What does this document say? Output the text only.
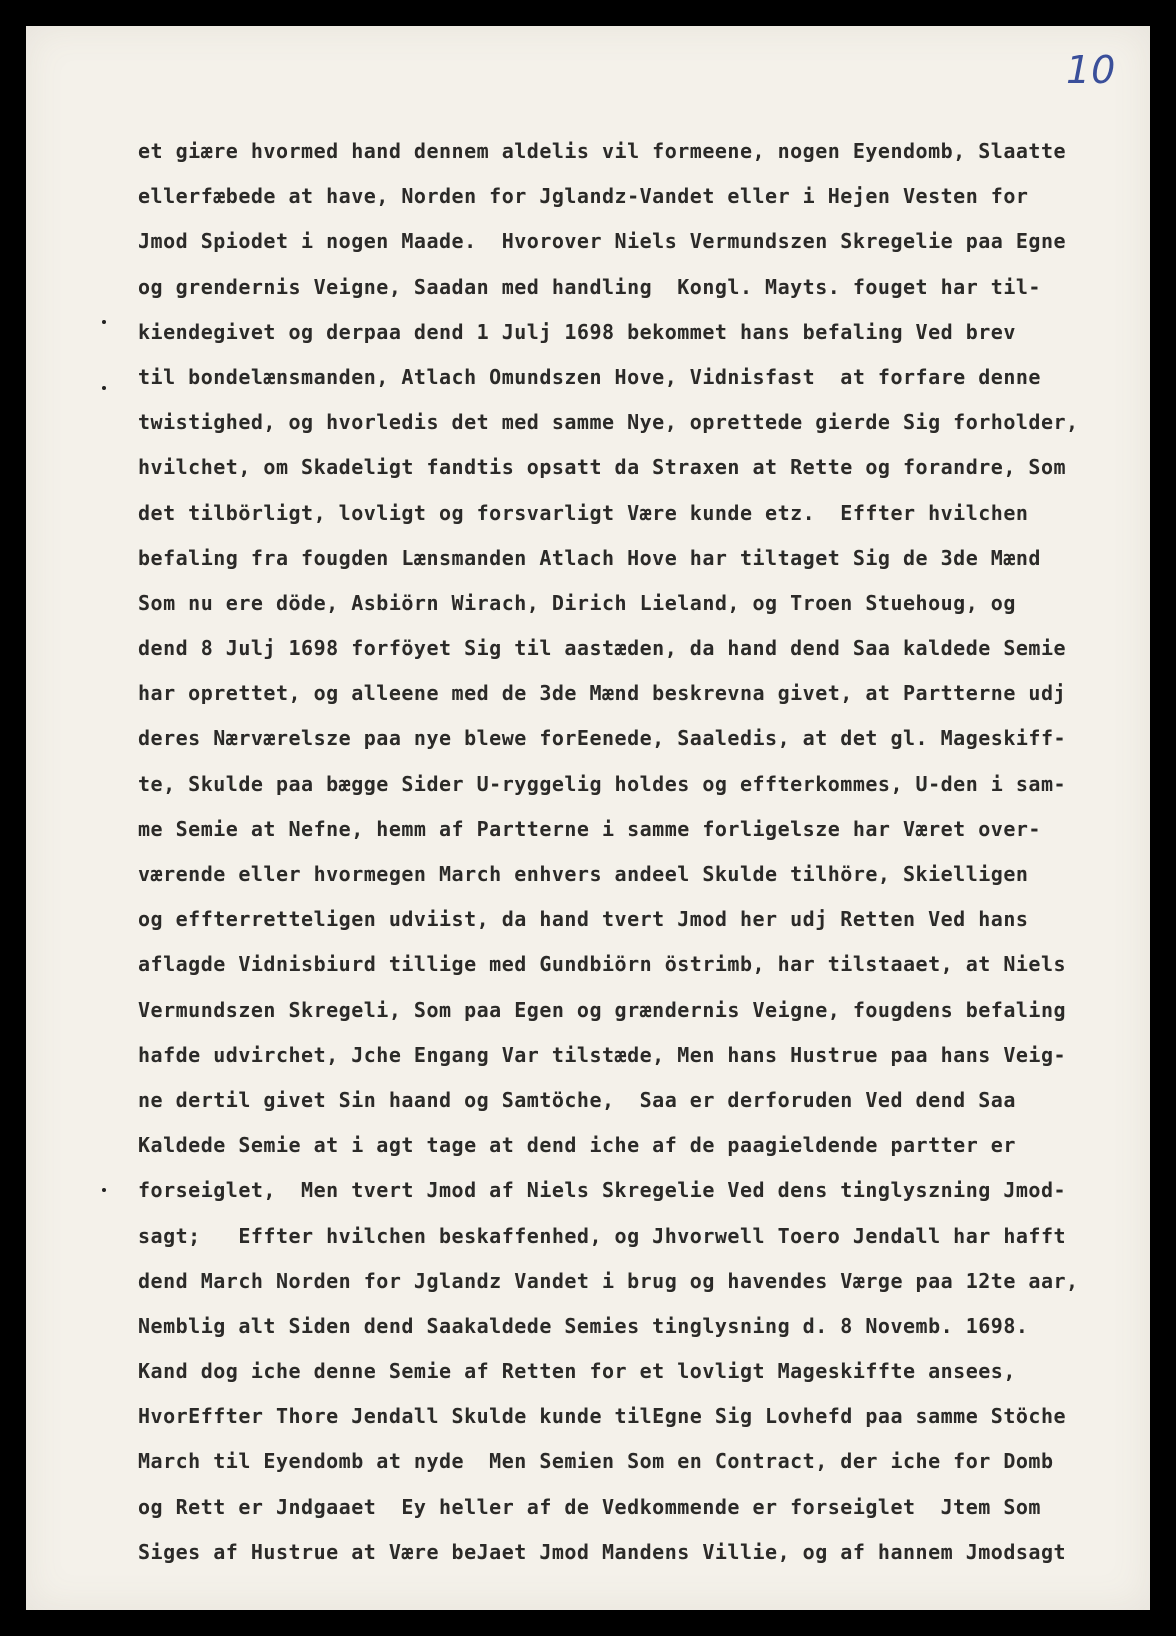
10
et giære hvormed hand dennem aldelis vil formeene, nogen Eyendomb, Slaatte
ellerfæbede at have, Norden for Jglandz-Vandet eller i Hejen Vesten for
Jmod Spiodet i nogen Maade.  Hvorover Niels Vermundszen Skregelie paa Egne
og grendernis Veigne, Saadan med handling  Kongl. Mayts. fouget har til-
kiendegivet og derpaa dend 1 Julj 1698 bekommet hans befaling Ved brev
til bondelænsmanden, Atlach Omundszen Hove, Vidnisfast  at forfare denne
twistighed, og hvorledis det med samme Nye, oprettede gierde Sig forholder,
hvilchet, om Skadeligt fandtis opsatt da Straxen at Rette og forandre, Som
det tilbörligt, lovligt og forsvarligt Være kunde etz.  Effter hvilchen
befaling fra fougden Lænsmanden Atlach Hove har tiltaget Sig de 3de Mænd
Som nu ere döde, Asbiörn Wirach, Dirich Lieland, og Troen Stuehoug, og
dend 8 Julj 1698 forföyet Sig til aastæden, da hand dend Saa kaldede Semie
har oprettet, og alleene med de 3de Mænd beskrevna givet, at Partterne udj
deres Nærværelsze paa nye blewe forEenede, Saaledis, at det gl. Mageskiff-
te, Skulde paa bægge Sider U-ryggelig holdes og effterkommes, U-den i sam-
me Semie at Nefne, hemm af Partterne i samme forligelsze har Været over-
værende eller hvormegen March enhvers andeel Skulde tilhöre, Skielligen
og effterretteligen udviist, da hand tvert Jmod her udj Retten Ved hans
aflagde Vidnisbiurd tillige med Gundbiörn östrimb, har tilstaaet, at Niels
Vermundszen Skregeli, Som paa Egen og grændernis Veigne, fougdens befaling
hafde udvirchet, Jche Engang Var tilstæde, Men hans Hustrue paa hans Veig-
ne dertil givet Sin haand og Samtöche,  Saa er derforuden Ved dend Saa
Kaldede Semie at i agt tage at dend iche af de paagieldende partter er
forseiglet,  Men tvert Jmod af Niels Skregelie Ved dens tinglyszning Jmod-
sagt;   Effter hvilchen beskaffenhed, og Jhvorwell Toero Jendall har hafft
dend March Norden for Jglandz Vandet i brug og havendes Værge paa 12te aar,
Nemblig alt Siden dend Saakaldede Semies tinglysning d. 8 Novemb. 1698.
Kand dog iche denne Semie af Retten for et lovligt Mageskiffte ansees,
HvorEffter Thore Jendall Skulde kunde tilEgne Sig Lovhefd paa samme Stöche
March til Eyendomb at nyde  Men Semien Som en Contract, der iche for Domb
og Rett er Jndgaaet  Ey heller af de Vedkommende er forseiglet  Jtem Som
Siges af Hustrue at Være beJaet Jmod Mandens Villie, og af hannem Jmodsagt
